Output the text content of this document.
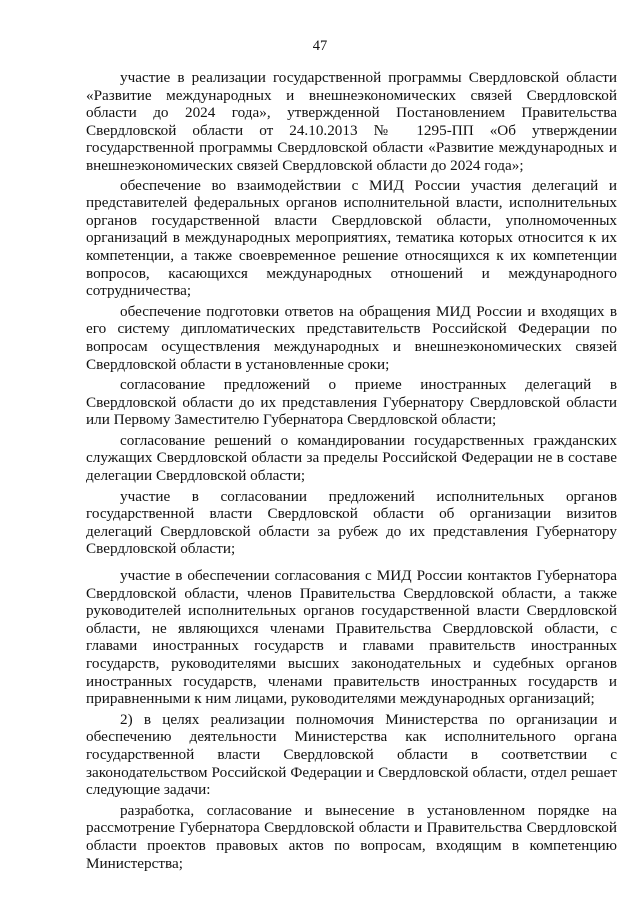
47

участие в реализации государственной программы Свердловской области «Развитие международных и внешнеэкономических связей Свердловской области до 2024 года», утвержденной Постановлением Правительства Свердловской области от 24.10.2013 № 1295-ПП «Об утверждении государственной программы Свердловской области «Развитие международных и внешнеэкономических связей Свердловской области до 2024 года»;

обеспечение во взаимодействии с МИД России участия делегаций и представителей федеральных органов исполнительной власти, исполнительных органов государственной власти Свердловской области, уполномоченных организаций в международных мероприятиях, тематика которых относится к их компетенции, а также своевременное решение относящихся к их компетенции вопросов, касающихся международных отношений и международного сотрудничества;

обеспечение подготовки ответов на обращения МИД России и входящих в его систему дипломатических представительств Российской Федерации по вопросам осуществления международных и внешнеэкономических связей Свердловской области в установленные сроки;

согласование предложений о приеме иностранных делегаций в Свердловской области до их представления Губернатору Свердловской области или Первому Заместителю Губернатора Свердловской области;

согласование решений о командировании государственных гражданских служащих Свердловской области за пределы Российской Федерации не в составе делегации Свердловской области;

участие в согласовании предложений исполнительных органов государственной власти Свердловской области об организации визитов делегаций Свердловской области за рубеж до их представления Губернатору Свердловской области;

участие в обеспечении согласования с МИД России контактов Губернатора Свердловской области, членов Правительства Свердловской области, а также руководителей исполнительных органов государственной власти Свердловской области, не являющихся членами Правительства Свердловской области, с главами иностранных государств и главами правительств иностранных государств, руководителями высших законодательных и судебных органов иностранных государств, членами правительств иностранных государств и приравненными к ним лицами, руководителями международных организаций;

2) в целях реализации полномочия Министерства по организации и обеспечению деятельности Министерства как исполнительного органа государственной власти Свердловской области в соответствии с законодательством Российской Федерации и Свердловской области, отдел решает следующие задачи:

разработка, согласование и вынесение в установленном порядке на рассмотрение Губернатора Свердловской области и Правительства Свердловской области проектов правовых актов по вопросам, входящим в компетенцию Министерства;
